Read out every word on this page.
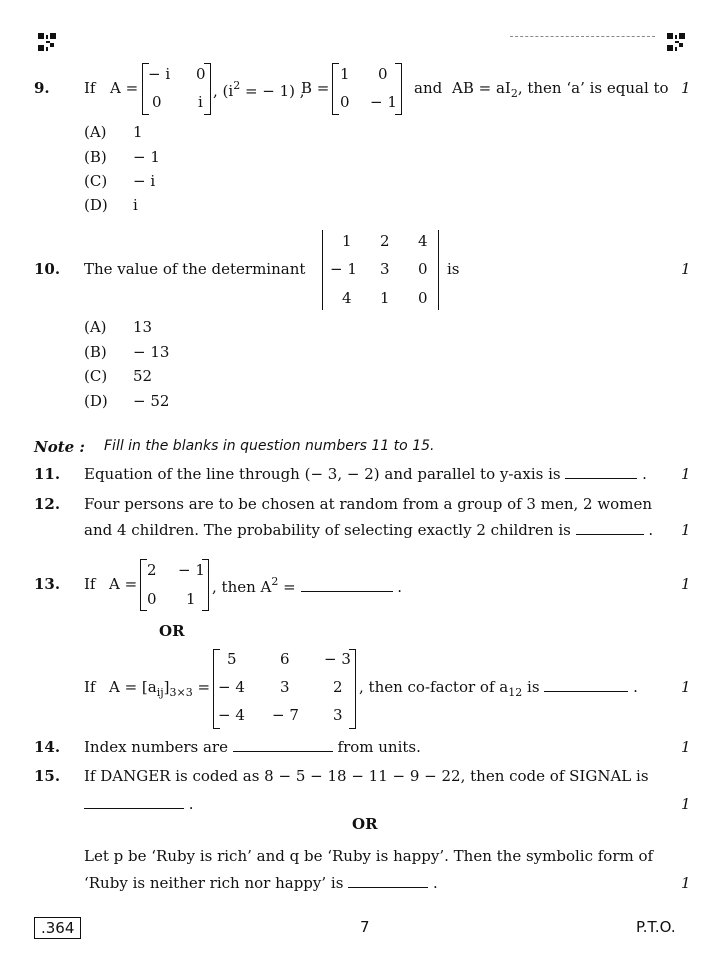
9. If A =
− i 0
0 i
, ($i^2$ = − 1) ,
B =
1 0
0 − 1
and AB = $aI_2$, then ‘a’ is equal to 1
(A) 1
(B) − 1
(C) − i
(D) i
10. The value of the determinant
1 2 4
− 1 3 0
4 1 0
is	1
(A) 13
(B) − 13
(C) 52
(D) − 52
Note : Fill in the blanks in question numbers 11 to 15.
11. Equation of the line through (− 3, − 2) and parallel to y-axis is	. 1
12. Four persons are to be chosen at random from a group of 3 men, 2 women
and 4 children. The probability of selecting exactly 2 children is	. 1
13. If A =
2 − 1
0 1
, then $A^2$ =	.	1
OR
If $A = [a_{ij}]_{3\times 3}$ =
5	6 − 3
− 4 3	2
− 4 − 7 3
, then co-factor of $a_{12}$ is	.	1
14. Index numbers are	from units.	1
15. If DANGER is coded as 8 − 5 − 18 − 11 − 9 − 22, then code of SIGNAL is
.	1
OR
Let p be ‘Ruby is rich’ and q be ‘Ruby is happy’. Then the symbolic form of
‘Ruby is neither rich nor happy’ is	.	1
.364	7	P.T.O.
